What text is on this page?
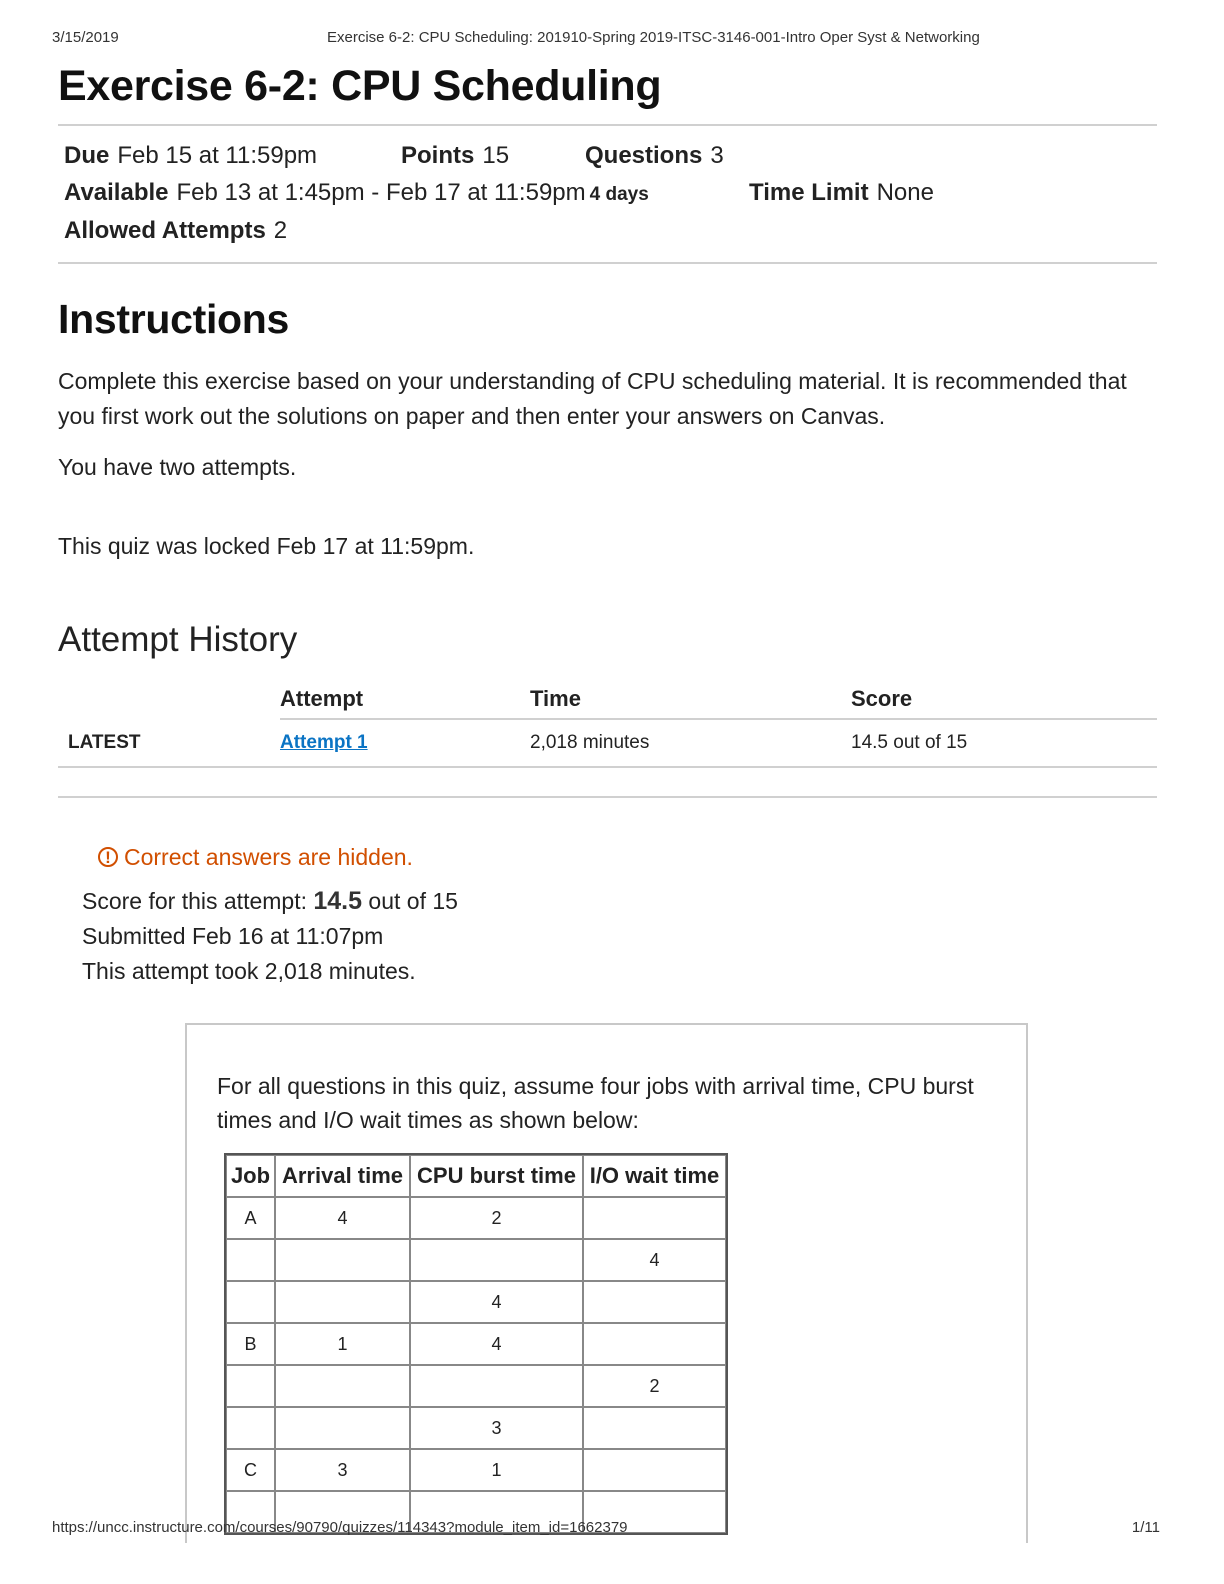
3/15/2019	Exercise 6-2: CPU Scheduling: 201910-Spring 2019-ITSC-3146-001-Intro Oper Syst & Networking
Exercise 6-2: CPU Scheduling
Due Feb 15 at 11:59pm	Points 15	Questions 3
Available Feb 13 at 1:45pm - Feb 17 at 11:59pm 4 days	Time Limit None
Allowed Attempts 2
Instructions

Complete this exercise based on your understanding of CPU scheduling material. It is recommended that you first work out the solutions on paper and then enter your answers on Canvas.

You have two attempts.

This quiz was locked Feb 17 at 11:59pm.

Attempt History
	Attempt	Time	Score
LATEST	Attempt 1	2,018 minutes	14.5 out of 15
! Correct answers are hidden.
Score for this attempt: 14.5 out of 15
Submitted Feb 16 at 11:07pm
This attempt took 2,018 minutes.
For all questions in this quiz, assume four jobs with arrival time, CPU burst times and I/O wait times as shown below:
Job	Arrival time	CPU burst time	I/O wait time
A	4	2	
			4
		4	
B	1	4	
			2
		3	
C	3	1	

https://uncc.instructure.com/courses/90790/quizzes/114343?module_item_id=1662379	1/11
